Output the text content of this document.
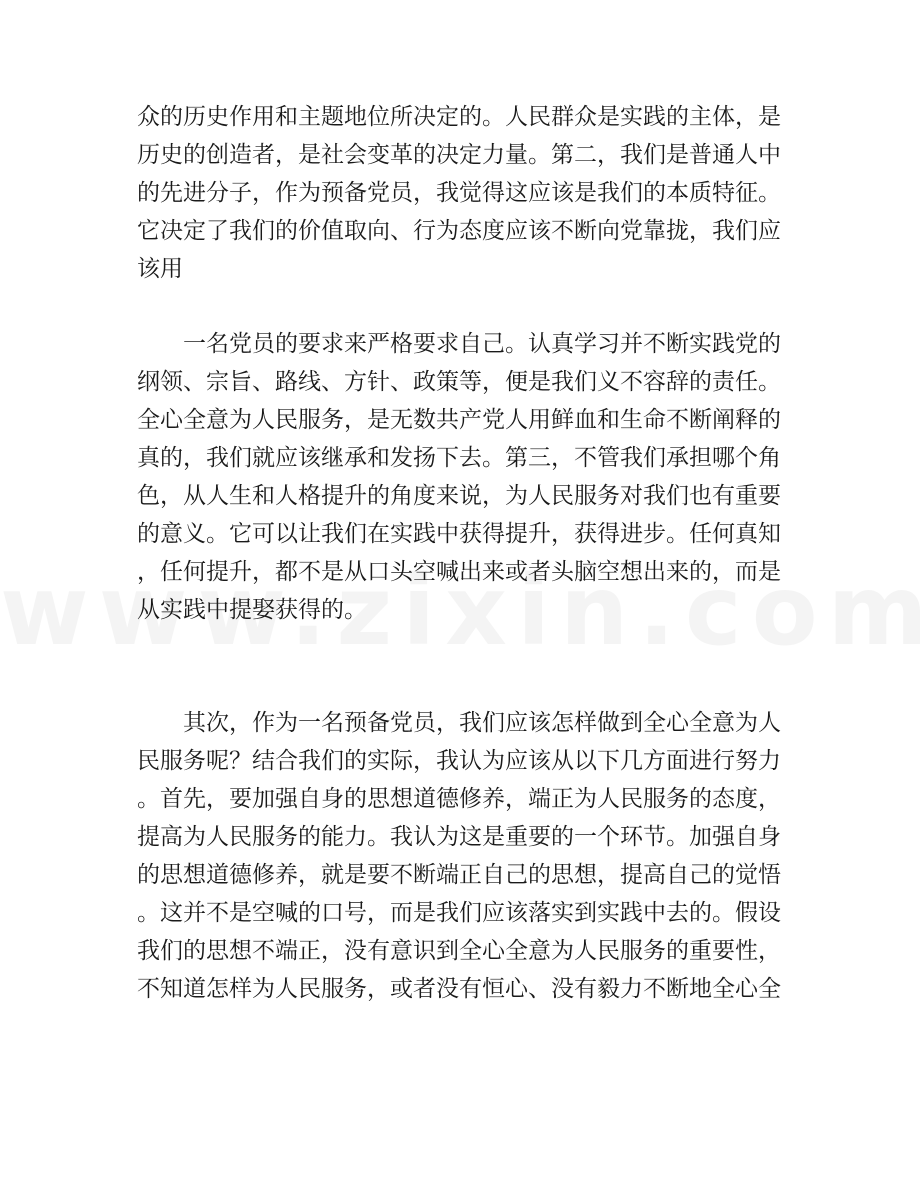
众的历史作用和主题地位所决定的。人民群众是实践的主体，是
历史的创造者，是社会变革的决定力量。第二，我们是普通人中
的先进分子，作为预备党员，我觉得这应该是我们的本质特征。
它决定了我们的价值取向、行为态度应该不断向党靠拢，我们应
该用
　　一名党员的要求来严格要求自己。认真学习并不断实践党的
纲领、宗旨、路线、方针、政策等，便是我们义不容辞的责任。
全心全意为人民服务，是无数共产党人用鲜血和生命不断阐释的
真的，我们就应该继承和发扬下去。第三，不管我们承担哪个角
色，从人生和人格提升的角度来说，为人民服务对我们也有重要
的意义。它可以让我们在实践中获得提升，获得进步。任何真知
，任何提升，都不是从口头空喊出来或者头脑空想出来的，而是
从实践中提娶获得的。
　　其次，作为一名预备党员，我们应该怎样做到全心全意为人
民服务呢？结合我们的实际，我认为应该从以下几方面进行努力
。首先，要加强自身的思想道德修养，端正为人民服务的态度，
提高为人民服务的能力。我认为这是重要的一个环节。加强自身
的思想道德修养，就是要不断端正自己的思想，提高自己的觉悟
。这并不是空喊的口号，而是我们应该落实到实践中去的。假设
我们的思想不端正，没有意识到全心全意为人民服务的重要性，
不知道怎样为人民服务，或者没有恒心、没有毅力不断地全心全
